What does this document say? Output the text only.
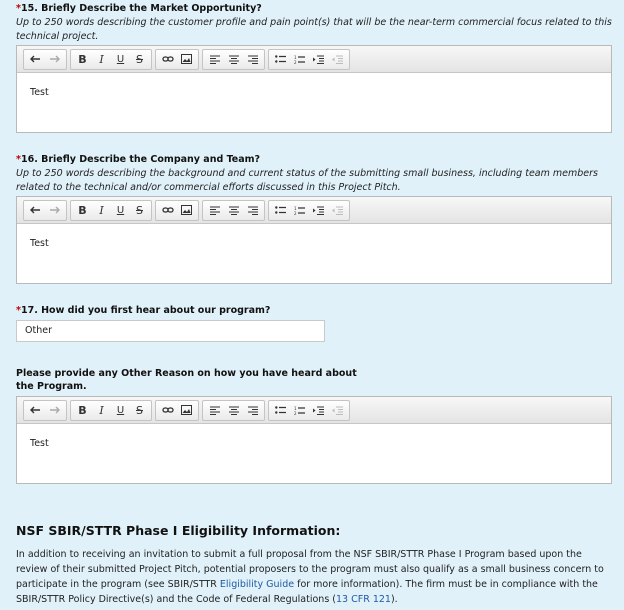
*15. Briefly Describe the Market Opportunity?

Up to 250 words describing the customer profile and pain point(s) that will be the near-term commercial focus related to this technical project.

B	I	U	S	1
2
Test

*16. Briefly Describe the Company and Team?

Up to 250 words describing the background and current status of the submitting small business, including team members related to the technical and/or commercial efforts discussed in this Project Pitch.

B	I	U	S	1
2
Test

*17. How did you first hear about our program?

Other

Please provide any Other Reason on how you have heard about

the Program.

B	I	U	S	1
2
Test
NSF SBIR/STTR Phase I Eligibility Information:

In addition to receiving an invitation to submit a full proposal from the NSF SBIR/STTR Phase I Program based upon the review of their submitted Project Pitch, potential proposers to the program must also qualify as a small business concern to participate in the program (see SBIR/STTR Eligibility Guide for more information). The firm must be in compliance with the SBIR/STTR Policy Directive(s) and the Code of Federal Regulations (13 CFR 121).
